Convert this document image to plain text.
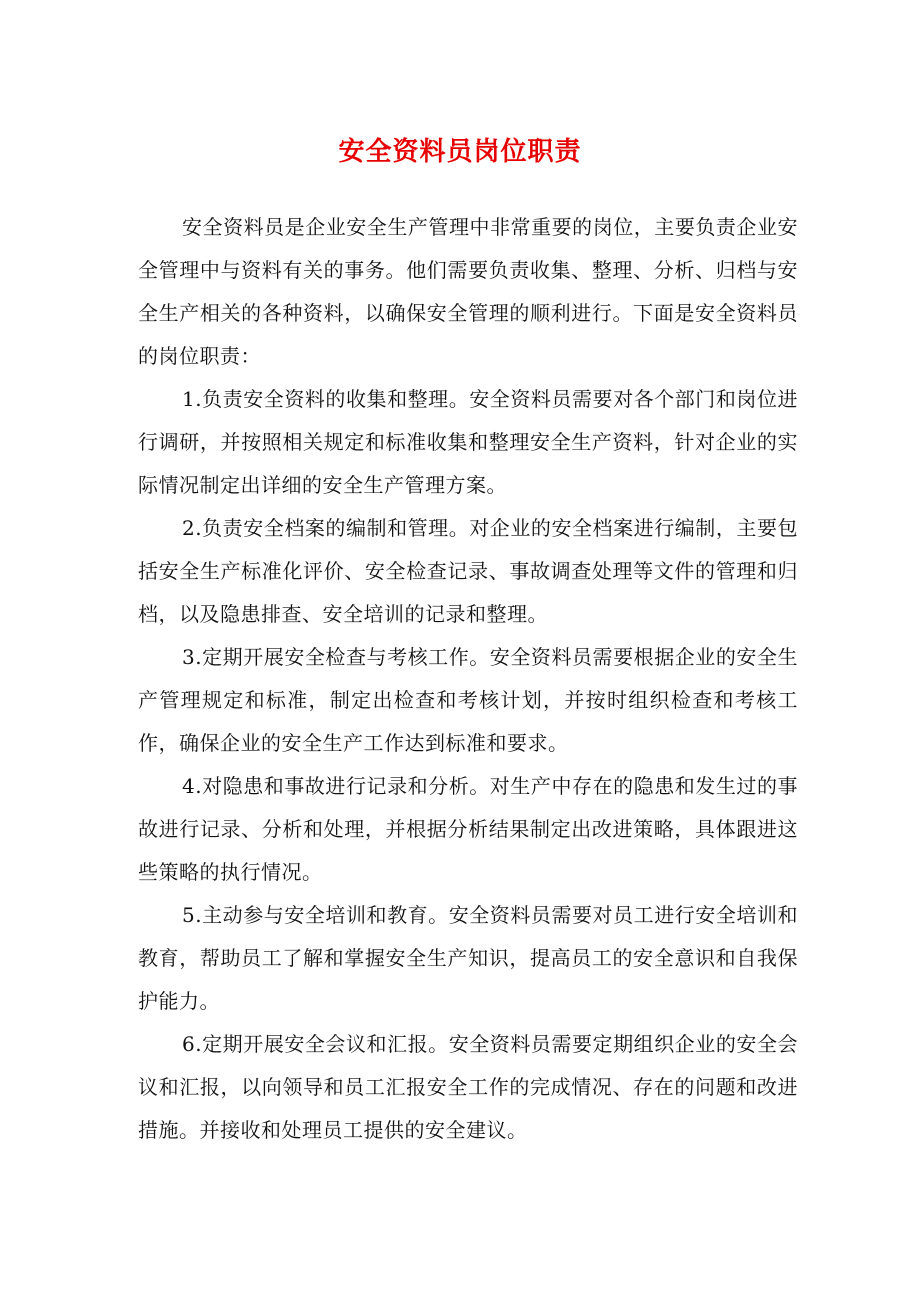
安全资料员岗位职责

安全资料员是企业安全生产管理中非常重要的岗位，主要负责企业安全管理中与资料有关的事务。他们需要负责收集、整理、分析、归档与安全生产相关的各种资料，以确保安全管理的顺利进行。下面是安全资料员的岗位职责：

1.负责安全资料的收集和整理。安全资料员需要对各个部门和岗位进行调研，并按照相关规定和标准收集和整理安全生产资料，针对企业的实际情况制定出详细的安全生产管理方案。

2.负责安全档案的编制和管理。对企业的安全档案进行编制，主要包括安全生产标准化评价、安全检查记录、事故调查处理等文件的管理和归档，以及隐患排查、安全培训的记录和整理。

3.定期开展安全检查与考核工作。安全资料员需要根据企业的安全生产管理规定和标准，制定出检查和考核计划，并按时组织检查和考核工作，确保企业的安全生产工作达到标准和要求。

4.对隐患和事故进行记录和分析。对生产中存在的隐患和发生过的事故进行记录、分析和处理，并根据分析结果制定出改进策略，具体跟进这些策略的执行情况。

5.主动参与安全培训和教育。安全资料员需要对员工进行安全培训和教育，帮助员工了解和掌握安全生产知识，提高员工的安全意识和自我保护能力。

6.定期开展安全会议和汇报。安全资料员需要定期组织企业的安全会议和汇报，以向领导和员工汇报安全工作的完成情况、存在的问题和改进措施。并接收和处理员工提供的安全建议。
